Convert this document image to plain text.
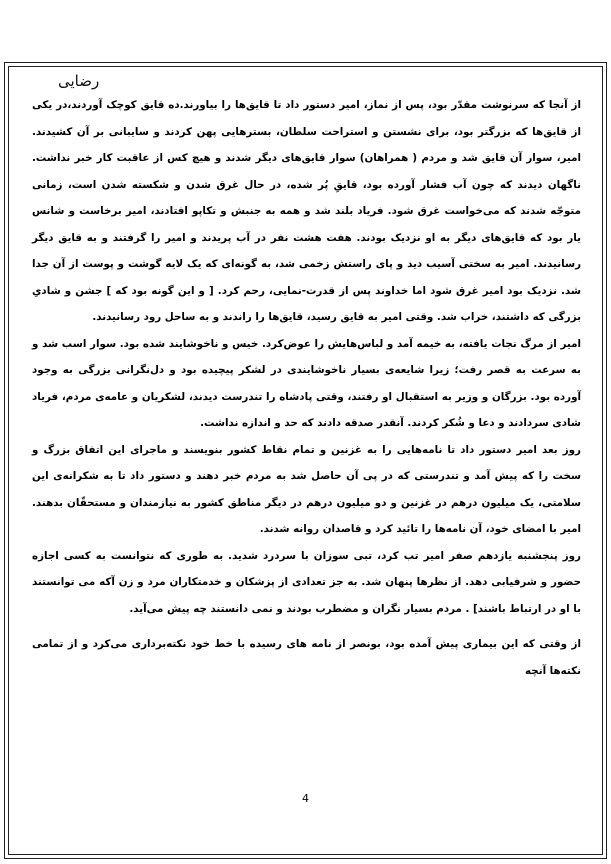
رضایی

از آنجا که سرنوشت مقدّر بود، پس از نماز، امیر دستور داد تا قایق‌ها را بیاورند.ده قایق کوچک آوردند،در یکی از قایق‌ها که بزرگتر بود، برای نشستن و استراحت سلطان، بسترهایی پهن کردند و سایبانی بر آن کشیدند. امیر، سوار آن قایق شد و مردم ( همراهان) سوار قایق‌های دیگر شدند و هیچ کس از عاقبت کار خبر نداشت. ناگهان دیدند که چون آب فشار آورده بود، قایقِ پُر شده، در حال غرق شدن و شکسته شدن است، زمانی متوجّه شدند که می‌خواست غرق شود. فریاد بلند شد و همه به جنبش و تکاپو افتادند، امیر برخاست و شانس یار بود که قایق‌های دیگر به او نزدیک بودند. هفت هشت نفر در آب پریدند و امیر را گرفتند و به قایق دیگر رسانیدند. امیر به سختی آسیب دید و پای راستش زخمی شد، به گونه‌ای که یک لایه گوشت و پوست از آن جدا شد. نزدیک بود امیر غرق شود اما خداوند پس از قدرت-نمایی، رحم کرد. [ و این گونه بود که ] جشن و شادیِ بزرگی که داشتند، خراب شد. وقتی امیر به قایق رسید، قایق‌ها را راندند و به ساحل رود رسانیدند.

امیر از مرگ نجات یافته، به خیمه آمد و لباس‌هایش را عوض‌کرد. خیس و ناخوشایند شده بود. سوار اسب شد و به سرعت به قصر رفت؛ زیرا شایعه‌ی بسیار ناخوشایندی در لشکر پیچیده بود و دل‌نگرانی بزرگی به وجود آورده بود. بزرگان و وزیر به استقبال او رفتند، وقتی پادشاه را تندرست دیدند، لشکریان و عامه‌ی مردم، فریاد شادی سردادند و دعا و شُکر کردند. آنقدر صدقه دادند که حد و اندازه نداشت.

روز بعد امیر دستور داد تا نامه‌هایی را به غزنین و تمام نقاط کشور بنویسند و ماجرای این اتفاق بزرگ و سخت را که پیش آمد و تندرستی که در پی آن حاصل شد به مردم خبر دهند و دستور داد تا به شکرانه‌ی این سلامتی، یک میلیون درهم در غزنین و دو میلیون درهم در دیگر مناطق کشور به نیازمندان و مستحقّان بدهند. امیر با امضای خود، آن نامه‌ها را تائید کرد و قاصدان روانه شدند.

روز پنجشنبه یازدهم صفر امیر تب کرد، تبی سوزان با سردرد شدید. به طوری که نتوانست به کسی اجازه حضور و شرفیابی دهد. از نظرها پنهان شد. به جز تعدادی از پزشکان و خدمتکاران مرد و زن آکه می توانستند با او در ارتباط باشند] . مردم بسیار نگران و مضطرب بودند و نمی دانستند چه پیش می‌آید.

از وقتی که این بیماری پیش آمده بود، بونصر از نامه های رسیده با خط خود نکته‌برداری می‌کرد و از تمامی نکته‌ها آنچه

4
